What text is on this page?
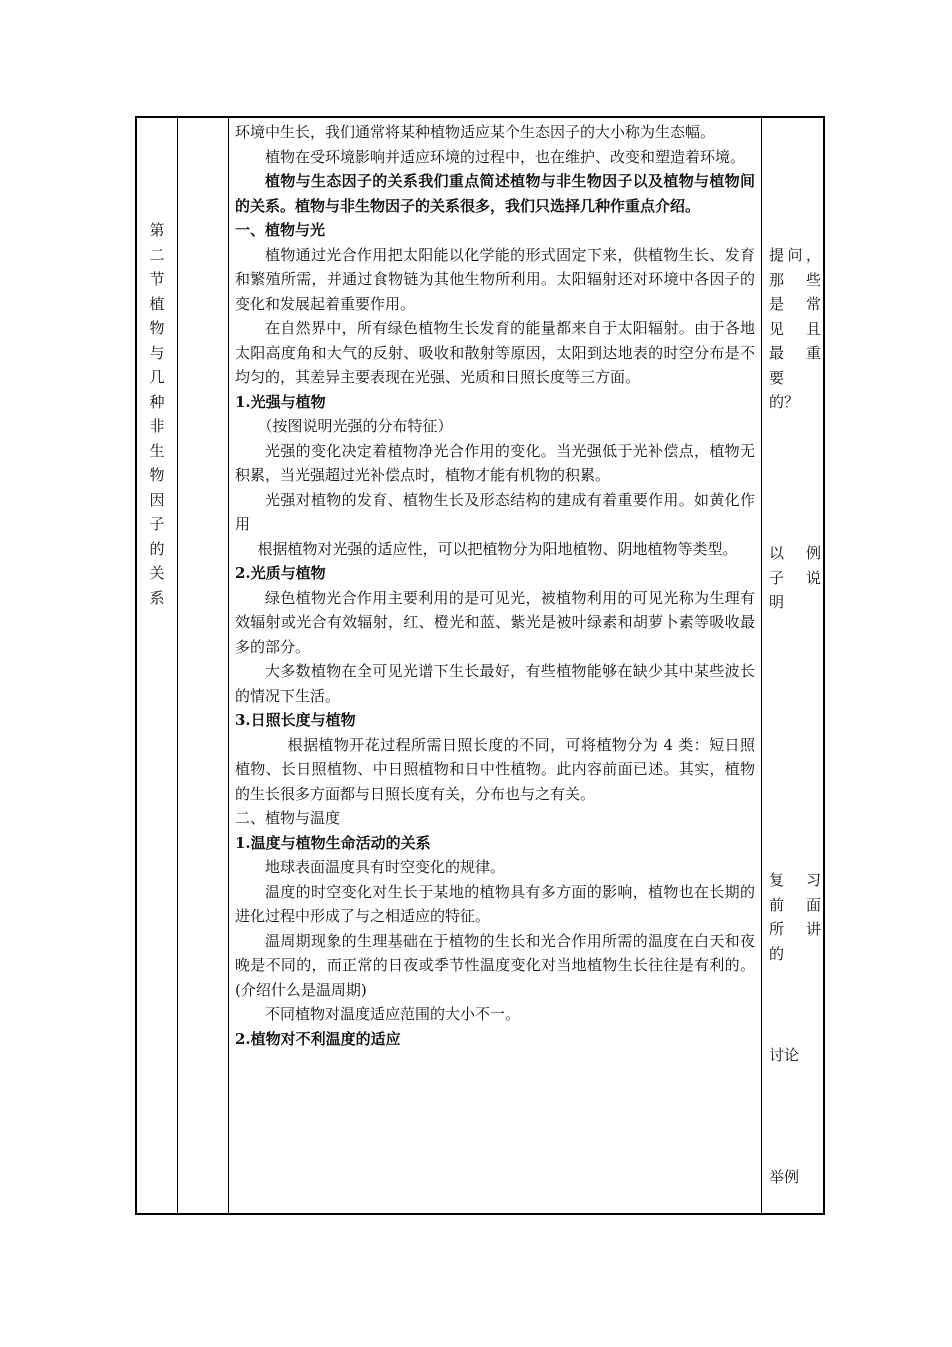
第
二
节
植
物
与
几
种
非
生
物
因
子
的
关
系

环境中生长，我们通常将某种植物适应某个生态因子的大小称为生态幅。

植物在受环境影响并适应环境的过程中，也在维护、改变和塑造着环境。

植物与生态因子的关系我们重点简述植物与非生物因子以及植物与植物间的关系。植物与非生物因子的关系很多，我们只选择几种作重点介绍。

一、植物与光

植物通过光合作用把太阳能以化学能的形式固定下来，供植物生长、发育和繁殖所需，并通过食物链为其他生物所利用。太阳辐射还对环境中各因子的变化和发展起着重要作用。

在自然界中，所有绿色植物生长发育的能量都来自于太阳辐射。由于各地太阳高度角和大气的反射、吸收和散射等原因，太阳到达地表的时空分布是不均匀的，其差异主要表现在光强、光质和日照长度等三方面。

1.光强与植物

（按图说明光强的分布特征）

光强的变化决定着植物净光合作用的变化。当光强低于光补偿点，植物无积累，当光强超过光补偿点时，植物才能有机物的积累。

光强对植物的发育、植物生长及形态结构的建成有着重要作用。如黄化作用

根据植物对光强的适应性，可以把植物分为阳地植物、阴地植物等类型。

2.光质与植物

绿色植物光合作用主要利用的是可见光，被植物利用的可见光称为生理有效辐射或光合有效辐射，红、橙光和蓝、紫光是被叶绿素和胡萝卜素等吸收最多的部分。

大多数植物在全可见光谱下生长最好，有些植物能够在缺少其中某些波长的情况下生活。

3.日照长度与植物

根据植物开花过程所需日照长度的不同，可将植物分为 4 类：短日照植物、长日照植物、中日照植物和日中性植物。此内容前面已述。其实，植物的生长很多方面都与日照长度有关，分布也与之有关。

二、植物与温度

1.温度与植物生命活动的关系

地球表面温度具有时空变化的规律。

温度的时空变化对生长于某地的植物具有多方面的影响，植物也在长期的进化过程中形成了与之相适应的特征。

温周期现象的生理基础在于植物的生长和光合作用所需的温度在白天和夜晚是不同的，而正常的日夜或季节性温度变化对当地植物生长往往是有利的。(介绍什么是温周期)

不同植物对温度适应范围的大小不一。

2.植物对不利温度的适应

提问，
那 些
是 常
见 且
最 重
要
的？
以 例
子 说
明
复 习
前 面
所 讲
的
讨论
举例
